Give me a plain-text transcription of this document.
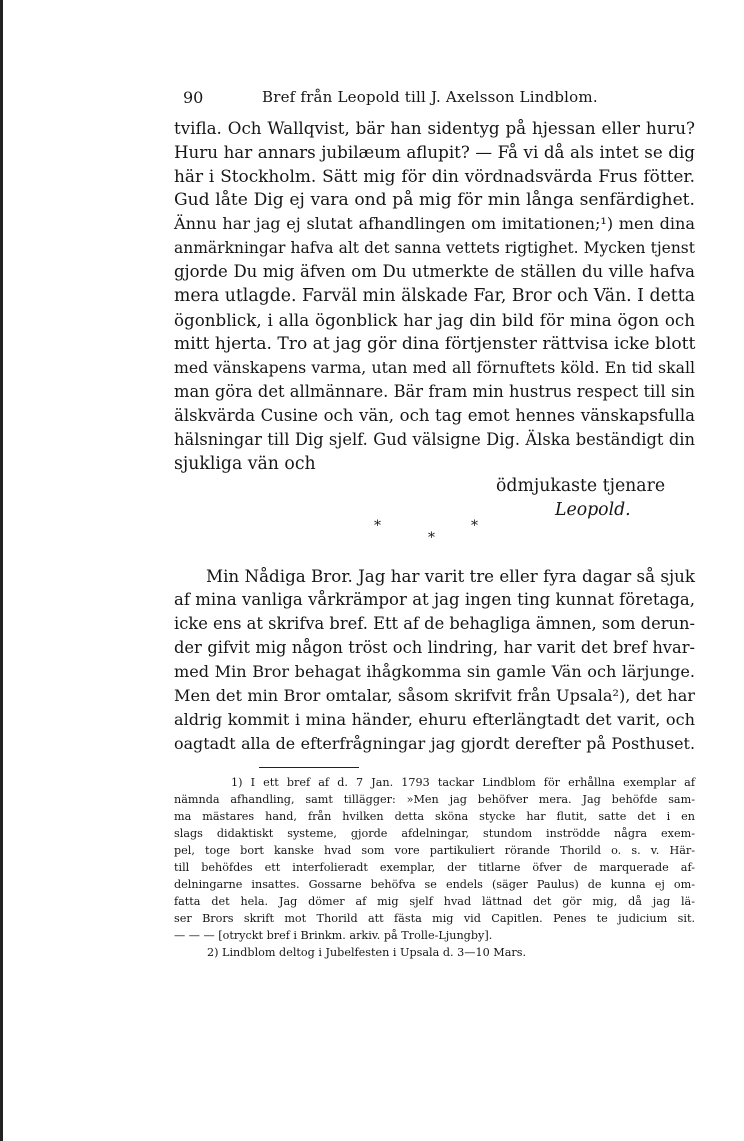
90	Bref från Leopold till J. Axelsson Lindblom.
tvifla. Och Wallqvist, bär han sidentyg på hjessan eller huru?
Huru har annars jubilæum aflupit? — Få vi då als intet se dig
här i Stockholm. Sätt mig för din vördnadsvärda Frus fötter.
Gud låte Dig ej vara ond på mig för min långa senfärdighet.
Ännu har jag ej slutat afhandlingen om imitationen;¹) men dina
anmärkningar hafva alt det sanna vettets rigtighet. Mycken tjenst
gjorde Du mig äfven om Du utmerkte de ställen du ville hafva
mera utlagde. Farväl min älskade Far, Bror och Vän. I detta
ögonblick, i alla ögonblick har jag din bild för mina ögon och
mitt hjerta. Tro at jag gör dina förtjenster rättvisa icke blott
med vänskapens varma, utan med all förnuftets köld. En tid skall
man göra det allmännare. Bär fram min hustrus respect till sin
älskvärda Cusine och vän, och tag emot hennes vänskapsfulla
hälsningar till Dig sjelf. Gud välsigne Dig. Älska beständigt din
sjukliga vän och
ödmjukaste tjenare
Leopold.
*
*
*
Min Nådiga Bror. Jag har varit tre eller fyra dagar så sjuk
af mina vanliga vårkrämpor at jag ingen ting kunnat företaga,
icke ens at skrifva bref. Ett af de behagliga ämnen, som derun-
der gifvit mig någon tröst och lindring, har varit det bref hvar-
med Min Bror behagat ihågkomma sin gamle Vän och lärjunge.
Men det min Bror omtalar, såsom skrifvit från Upsala²), det har
aldrig kommit i mina händer, ehuru efterlängtadt det varit, och
oagtadt alla de efterfrågningar jag gjordt derefter på Posthuset.
1) I ett bref af d. 7 Jan. 1793 tackar Lindblom för erhållna exemplar af
nämnda afhandling, samt tillägger: »Men jag behöfver mera. Jag behöfde sam-
ma mästares hand, från hvilken detta sköna stycke har flutit, satte det i en
slags didaktiskt systeme, gjorde afdelningar, stundom inströdde några exem-
pel, toge bort kanske hvad som vore partikuliert rörande Thorild o. s. v. Här-
till behöfdes ett interfolieradt exemplar, der titlarne öfver de marquerade af-
delningarne insattes. Gossarne behöfva se endels (säger Paulus) de kunna ej om-
fatta det hela. Jag dömer af mig sjelf hvad lättnad det gör mig, då jag lä-
ser Brors skrift mot Thorild att fästa mig vid Capitlen. Penes te judicium sit.
— — — [otryckt bref i Brinkm. arkiv. på Trolle-Ljungby].
2) Lindblom deltog i Jubelfesten i Upsala d. 3—10 Mars.
